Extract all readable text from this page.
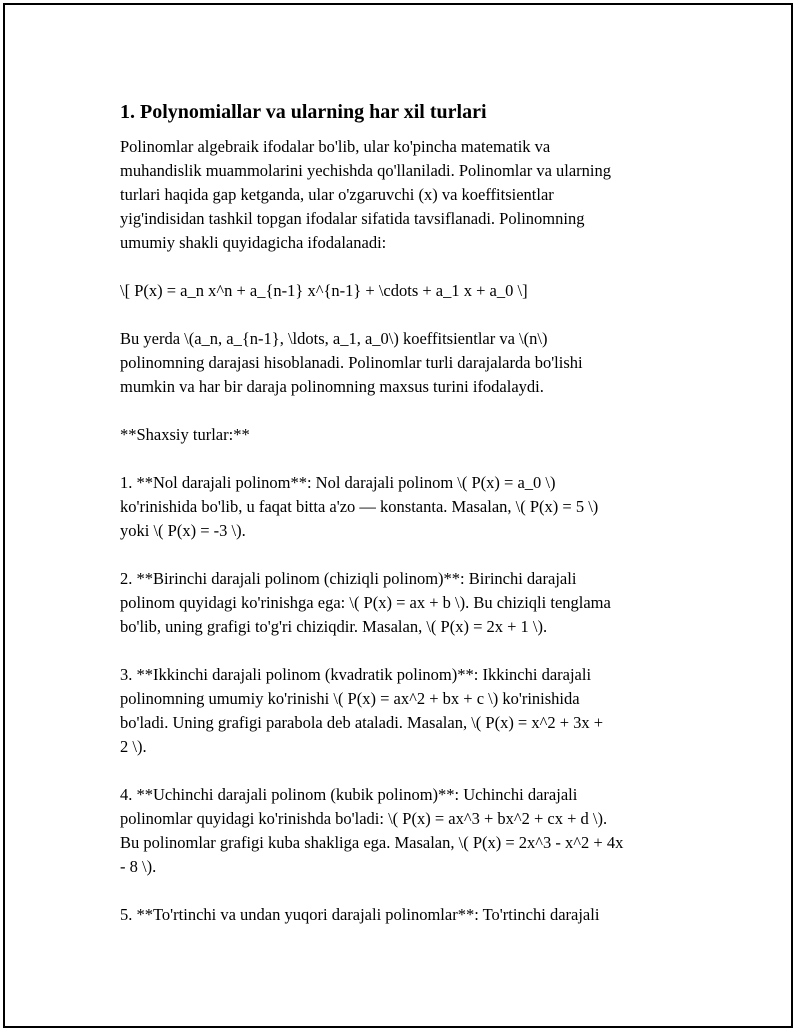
1. Polynomiallar va ularning har xil turlari

Polinomlar algebraik ifodalar bo'lib, ular ko'pincha matematik va
muhandislik muammolarini yechishda qo'llaniladi. Polinomlar va ularning
turlari haqida gap ketganda, ular o'zgaruvchi (x) va koeffitsientlar
yig'indisidan tashkil topgan ifodalar sifatida tavsiflanadi. Polinomning
umumiy shakli quyidagicha ifodalanadi:

\[ P(x) = a_n x^n + a_{n-1} x^{n-1} + \cdots + a_1 x + a_0 \]

Bu yerda \(a_n, a_{n-1}, \ldots, a_1, a_0\) koeffitsientlar va \(n\)
polinomning darajasi hisoblanadi. Polinomlar turli darajalarda bo'lishi
mumkin va har bir daraja polinomning maxsus turini ifodalaydi.

**Shaxsiy turlar:**

1. **Nol darajali polinom**: Nol darajali polinom \( P(x) = a_0 \)
ko'rinishida bo'lib, u faqat bitta a'zo — konstanta. Masalan, \( P(x) = 5 \)
yoki \( P(x) = -3 \).

2. **Birinchi darajali polinom (chiziqli polinom)**: Birinchi darajali
polinom quyidagi ko'rinishga ega: \( P(x) = ax + b \). Bu chiziqli tenglama
bo'lib, uning grafigi to'g'ri chiziqdir. Masalan, \( P(x) = 2x + 1 \).

3. **Ikkinchi darajali polinom (kvadratik polinom)**: Ikkinchi darajali
polinomning umumiy ko'rinishi \( P(x) = ax^2 + bx + c \) ko'rinishida
bo'ladi. Uning grafigi parabola deb ataladi. Masalan, \( P(x) = x^2 + 3x +
2 \).

4. **Uchinchi darajali polinom (kubik polinom)**: Uchinchi darajali
polinomlar quyidagi ko'rinishda bo'ladi: \( P(x) = ax^3 + bx^2 + cx + d \).
Bu polinomlar grafigi kuba shakliga ega. Masalan, \( P(x) = 2x^3 - x^2 + 4x
- 8 \).

5. **To'rtinchi va undan yuqori darajali polinomlar**: To'rtinchi darajali
